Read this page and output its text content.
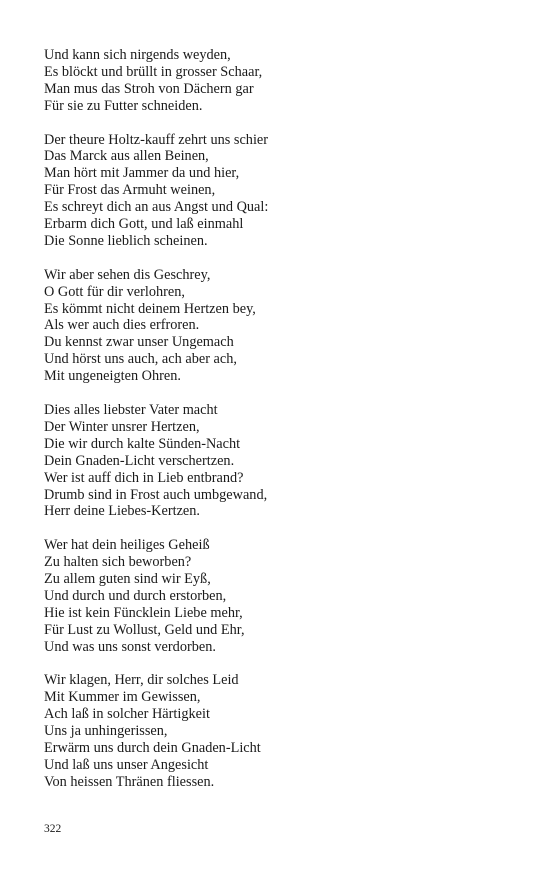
Und kann sich nirgends weyden,
Es blöckt und brüllt in grosser Schaar,
Man mus das Stroh von Dächern gar
Für sie zu Futter schneiden.
Der theure Holtz-kauff zehrt uns schier
Das Marck aus allen Beinen,
Man hört mit Jammer da und hier,
Für Frost das Armuht weinen,
Es schreyt dich an aus Angst und Qual:
Erbarm dich Gott, und laß einmahl
Die Sonne lieblich scheinen.
Wir aber sehen dis Geschrey,
O Gott für dir verlohren,
Es kömmt nicht deinem Hertzen bey,
Als wer auch dies erfroren.
Du kennst zwar unser Ungemach
Und hörst uns auch, ach aber ach,
Mit ungeneigten Ohren.
Dies alles liebster Vater macht
Der Winter unsrer Hertzen,
Die wir durch kalte Sünden-Nacht
Dein Gnaden-Licht verschertzen.
Wer ist auff dich in Lieb entbrand?
Drumb sind in Frost auch umbgewand,
Herr deine Liebes-Kertzen.
Wer hat dein heiliges Geheiß
Zu halten sich beworben?
Zu allem guten sind wir Eyß,
Und durch und durch erstorben,
Hie ist kein Füncklein Liebe mehr,
Für Lust zu Wollust, Geld und Ehr,
Und was uns sonst verdorben.
Wir klagen, Herr, dir solches Leid
Mit Kummer im Gewissen,
Ach laß in solcher Härtigkeit
Uns ja unhingerissen,
Erwärm uns durch dein Gnaden-Licht
Und laß uns unser Angesicht
Von heissen Thränen fliessen.
322
